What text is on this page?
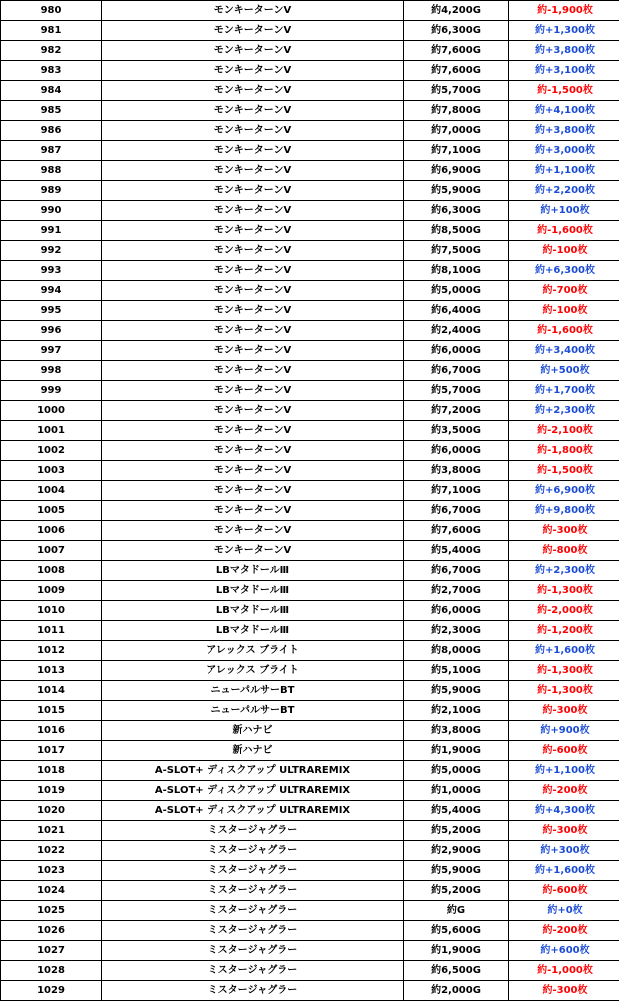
980	モンキーターンV	約4,200G	約-1,900枚
981	モンキーターンV	約6,300G	約+1,300枚
982	モンキーターンV	約7,600G	約+3,800枚
983	モンキーターンV	約7,600G	約+3,100枚
984	モンキーターンV	約5,700G	約-1,500枚
985	モンキーターンV	約7,800G	約+4,100枚
986	モンキーターンV	約7,000G	約+3,800枚
987	モンキーターンV	約7,100G	約+3,000枚
988	モンキーターンV	約6,900G	約+1,100枚
989	モンキーターンV	約5,900G	約+2,200枚
990	モンキーターンV	約6,300G	約+100枚
991	モンキーターンV	約8,500G	約-1,600枚
992	モンキーターンV	約7,500G	約-100枚
993	モンキーターンV	約8,100G	約+6,300枚
994	モンキーターンV	約5,000G	約-700枚
995	モンキーターンV	約6,400G	約-100枚
996	モンキーターンV	約2,400G	約-1,600枚
997	モンキーターンV	約6,000G	約+3,400枚
998	モンキーターンV	約6,700G	約+500枚
999	モンキーターンV	約5,700G	約+1,700枚
1000	モンキーターンV	約7,200G	約+2,300枚
1001	モンキーターンV	約3,500G	約-2,100枚
1002	モンキーターンV	約6,000G	約-1,800枚
1003	モンキーターンV	約3,800G	約-1,500枚
1004	モンキーターンV	約7,100G	約+6,900枚
1005	モンキーターンV	約6,700G	約+9,800枚
1006	モンキーターンV	約7,600G	約-300枚
1007	モンキーターンV	約5,400G	約-800枚
1008	LBマタドールⅢ	約6,700G	約+2,300枚
1009	LBマタドールⅢ	約2,700G	約-1,300枚
1010	LBマタドールⅢ	約6,000G	約-2,000枚
1011	LBマタドールⅢ	約2,300G	約-1,200枚
1012	アレックス ブライト	約8,000G	約+1,600枚
1013	アレックス ブライト	約5,100G	約-1,300枚
1014	ニューパルサーBT	約5,900G	約-1,300枚
1015	ニューパルサーBT	約2,100G	約-300枚
1016	新ハナビ	約3,800G	約+900枚
1017	新ハナビ	約1,900G	約-600枚
1018	A-SLOT+ ディスクアップ ULTRAREMIX	約5,000G	約+1,100枚
1019	A-SLOT+ ディスクアップ ULTRAREMIX	約1,000G	約-200枚
1020	A-SLOT+ ディスクアップ ULTRAREMIX	約5,400G	約+4,300枚
1021	ミスタージャグラー	約5,200G	約-300枚
1022	ミスタージャグラー	約2,900G	約+300枚
1023	ミスタージャグラー	約5,900G	約+1,600枚
1024	ミスタージャグラー	約5,200G	約-600枚
1025	ミスタージャグラー	約G	約+0枚
1026	ミスタージャグラー	約5,600G	約-200枚
1027	ミスタージャグラー	約1,900G	約+600枚
1028	ミスタージャグラー	約6,500G	約-1,000枚
1029	ミスタージャグラー	約2,000G	約-300枚
